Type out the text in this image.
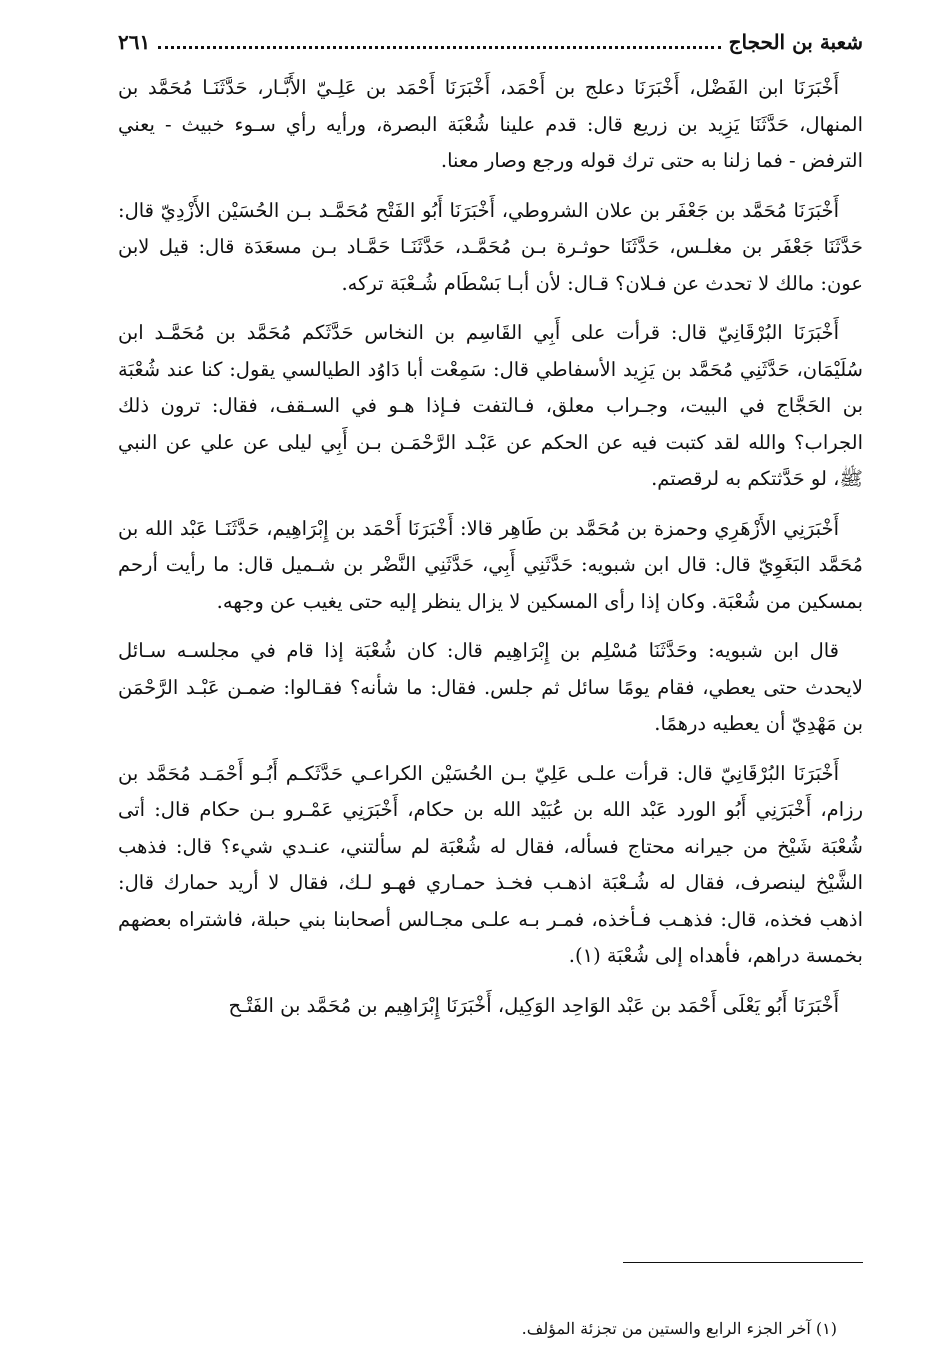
شعبة بن الحجاج
٢٦١

أَخْبَرَنَا ابن الفَضْل، أَخْبَرَنَا دعلج بن أَحْمَد، أَخْبَرَنَا أَحْمَد بن عَلِـيّ الأَبَّـار، حَدَّثَنَـا مُحَمَّد بن المنهال، حَدَّثَنَا يَزِيد بن زريع قال: قدم علينا شُعْبَة البصرة، ورأيه رأي سـوء خبيث - يعني الترفض - فما زلنا به حتى ترك قوله ورجع وصار معنا.

أَخْبَرَنَا مُحَمَّد بن جَعْفَر بن علان الشروطي، أَخْبَرَنَا أَبُو الفَتْح مُحَمَّـد بـن الحُسَيْن الأَزْدِيّ قال: حَدَّثَنَا جَعْفَر بن مغلـس، حَدَّثَنَا حوثـرة بـن مُحَمَّـد، حَدَّثَنَـا حَمَّـاد بـن مسعَدَة قال: قيل لابن عون: مالك لا تحدث عن فـلان؟ قـال: لأن أبـا بَسْطَام شُـعْبَة تركه.

أَخْبَرَنَا البُرْقَانِيّ قال: قرأت على أَبِي القَاسِم بن النخاس حَدَّثَكم مُحَمَّد بن مُحَمَّـد ابن سُلَيْمَان، حَدَّثَنِي مُحَمَّد بن يَزِيد الأسفاطي قال: سَمِعْت أبا دَاوُد الطيالسي يقول: كنا عند شُعْبَة بن الحَجَّاج في البيت، وجـراب معلق، فـالتفت فـإذا هـو في السـقف، فقال: ترون ذلك الجراب؟ والله لقد كتبت فيه عن الحكم عن عَبْـد الرَّحْمَـن بـن أَبِي ليلى عن علي عن النبي ﷺ، لو حَدَّثتكم به لرقصتم.

أَخْبَرَنِي الأَزْهَرِي وحمزة بن مُحَمَّد بن طَاهِر قالا: أَخْبَرَنَا أَحْمَد بن إِبْرَاهِيم، حَدَّثَنَـا عَبْد الله بن مُحَمَّد البَغَوِيّ قال: قال ابن شبويه: حَدَّثَنِي أَبِي، حَدَّثَنِي النَّضْر بن شـميل قال: ما رأيت أرحم بمسكين من شُعْبَة. وكان إذا رأى المسكين لا يزال ينظر إليه حتى يغيب عن وجهه.

قال ابن شبويه: وحَدَّثَنَا مُسْلِم بن إِبْرَاهِيم قال: كان شُعْبَة إذا قام في مجلسـه سـائل لايحدث حتى يعطي، فقام يومًا سائل ثم جلس. فقال: ما شأنه؟ فقـالوا: ضمـن عَبْـد الرَّحْمَن بن مَهْدِيّ أن يعطيه درهمًا.

أَخْبَرَنَا البُرْقَانِيّ قال: قرأت علـى عَلِيّ بـن الحُسَيْن الكراعـي حَدَّثَكـم أَبُـو أَحْمَـد مُحَمَّد بن رزام، أَخْبَرَنِي أَبُو الورد عَبْد الله بن عُبَيْد الله بن حكام، أَخْبَرَنِي عَمْـرو بـن حكام قال: أتى شُعْبَة شَيْخ من جيرانه محتاج فسأله، فقال له شُعْبَة لم سألتني، عنـدي شيء؟ قال: فذهب الشَّيْخ لينصرف، فقال له شُـعْبَة اذهـب فخـذ حمـاري فهـو لـك، فقال لا أريد حمارك قال: اذهب فخذه، قال: فذهـب فـأخذه، فمـر بـه علـى مجـالس أصحابنا بني حبلة، فاشتراه بعضهم بخمسة دراهم، فأهداه إلى شُعْبَة (١).

أَخْبَرَنَا أَبُو يَعْلَى أَحْمَد بن عَبْد الوَاحِد الوَكِيل، أَخْبَرَنَا إِبْرَاهِيم بن مُحَمَّد بن الفَتْـح

(١) آخر الجزء الرابع والستين من تجزئة المؤلف.
